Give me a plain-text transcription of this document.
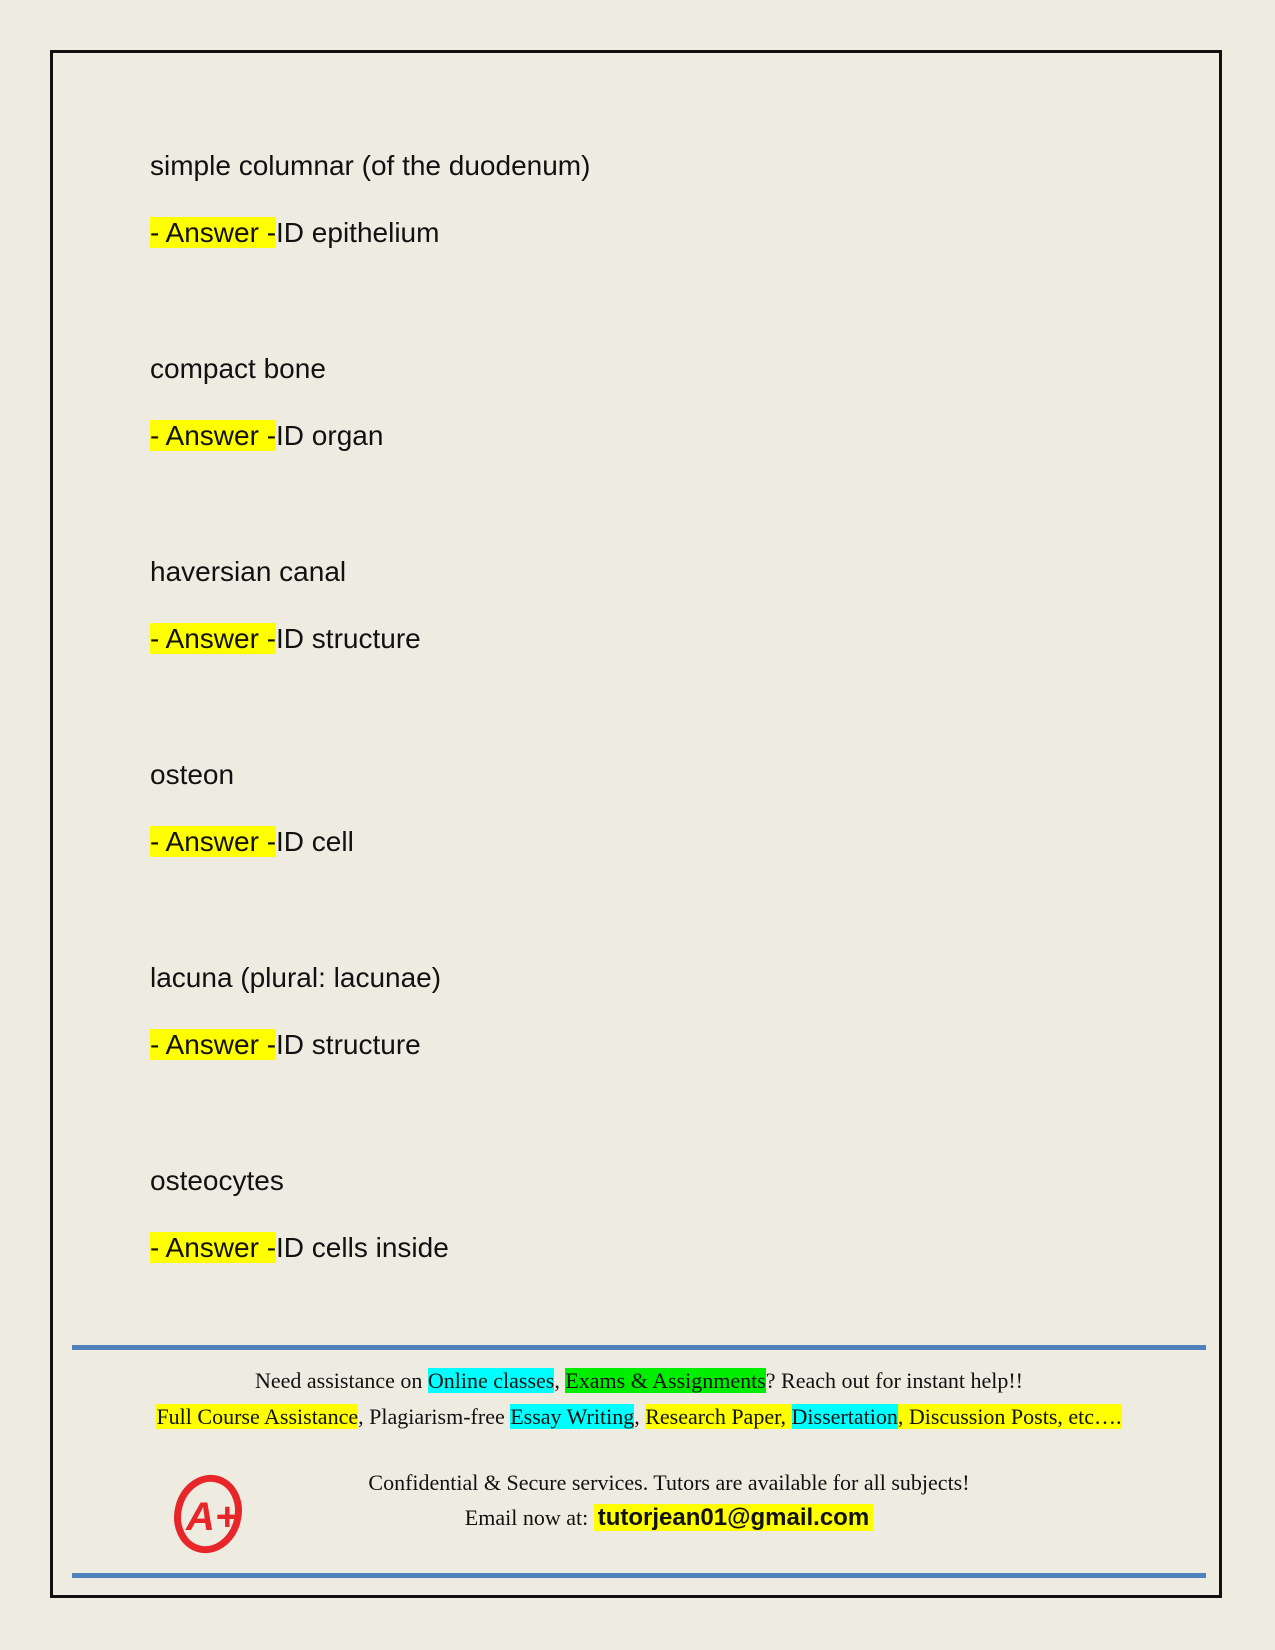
simple columnar (of the duodenum)
- Answer -ID epithelium
compact bone
- Answer -ID organ
haversian canal
- Answer -ID structure
osteon
- Answer -ID cell
lacuna (plural: lacunae)
- Answer -ID structure
osteocytes
- Answer -ID cells inside
Need assistance on Online classes, Exams & Assignments? Reach out for instant help!!
Full Course Assistance, Plagiarism-free Essay Writing, Research Paper, Dissertation, Discussion Posts, etc….
Confidential & Secure services. Tutors are available for all subjects!
Email now at: tutorjean01@gmail.com
A+
